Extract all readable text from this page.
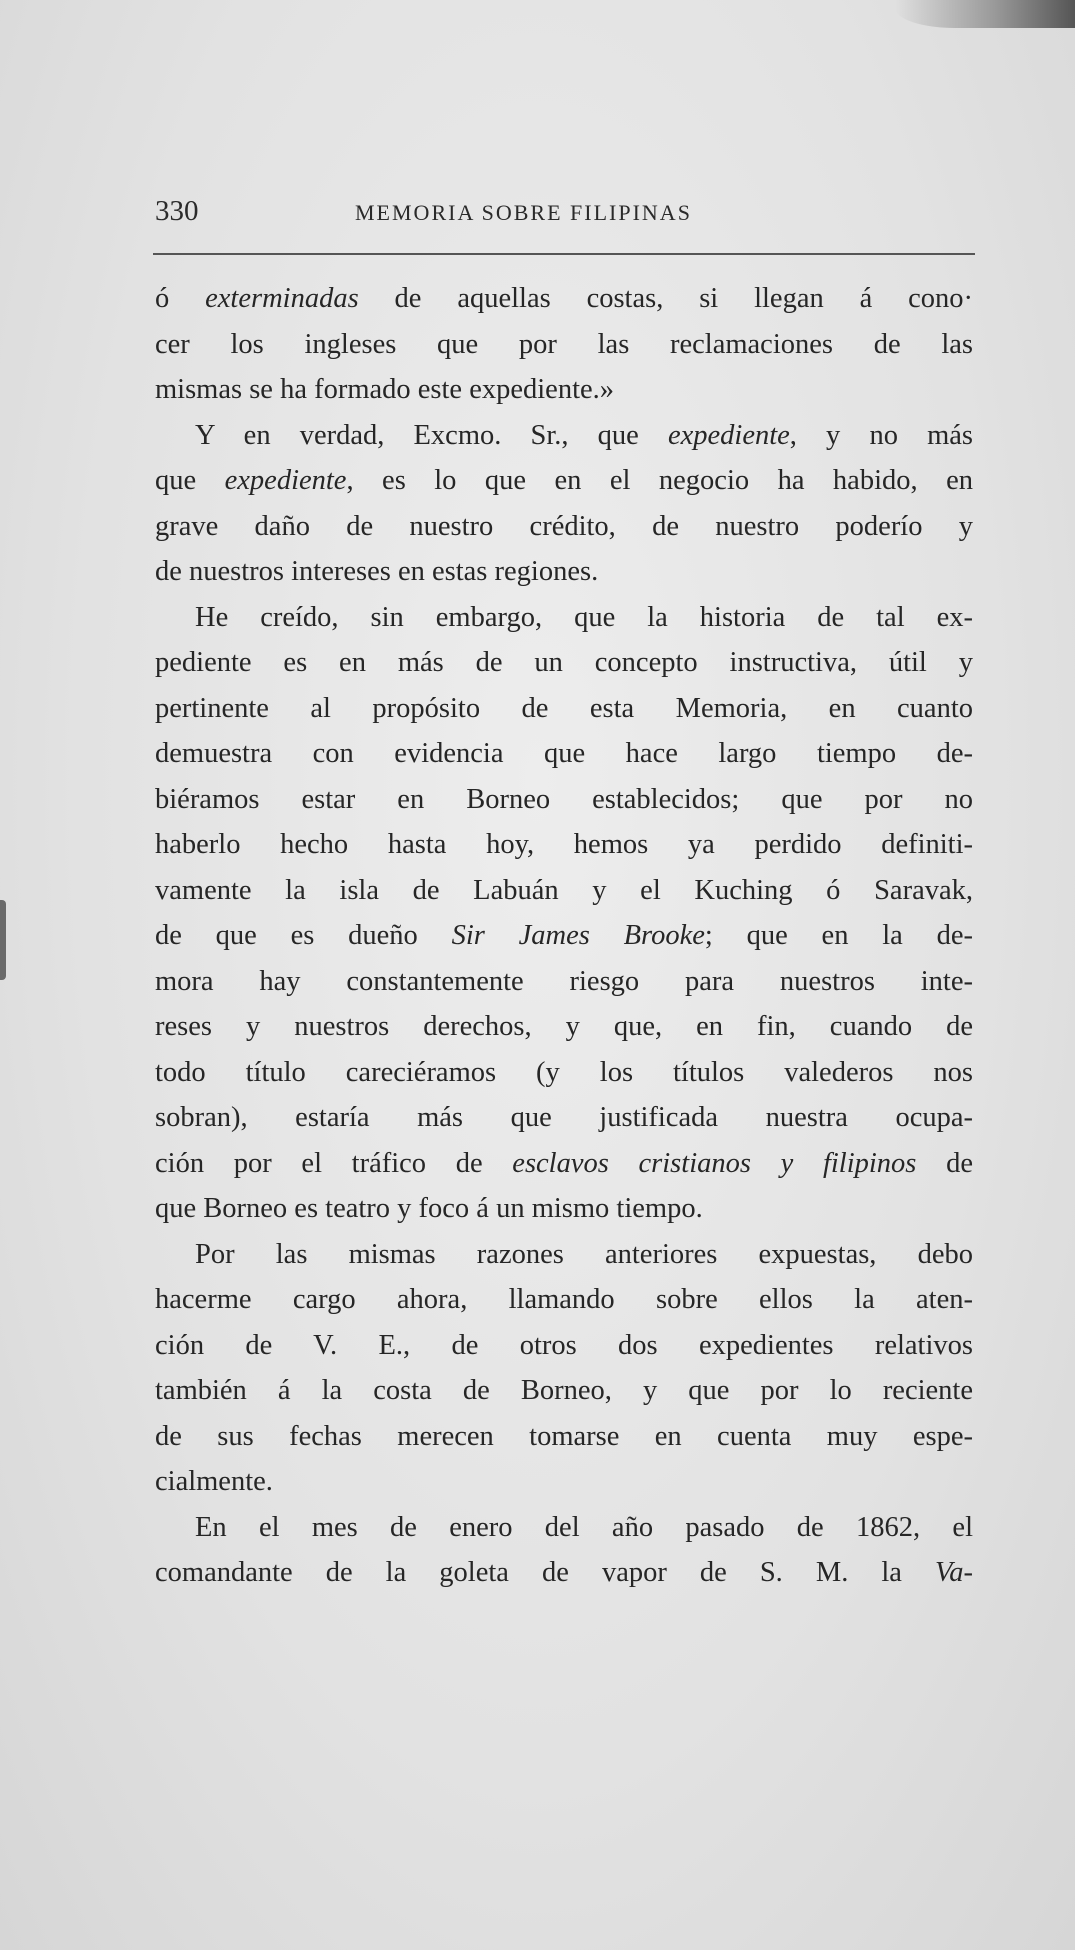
330	MEMORIA SOBRE FILIPINAS
ó exterminadas de aquellas costas, si llegan á cono·
cer los ingleses que por las reclamaciones de las
mismas se ha formado este expediente.»
Y en verdad, Excmo. Sr., que expediente, y no más
que expediente, es lo que en el negocio ha habido, en
grave daño de nuestro crédito, de nuestro poderío y
de nuestros intereses en estas regiones.
He creído, sin embargo, que la historia de tal ex-
pediente es en más de un concepto instructiva, útil y
pertinente al propósito de esta Memoria, en cuanto
demuestra con evidencia que hace largo tiempo de-
biéramos estar en Borneo establecidos; que por no
haberlo hecho hasta hoy, hemos ya perdido definiti-
vamente la isla de Labuán y el Kuching ó Saravak,
de que es dueño Sir James Brooke; que en la de-
mora hay constantemente riesgo para nuestros inte-
reses y nuestros derechos, y que, en fin, cuando de
todo título careciéramos (y los títulos valederos nos
sobran), estaría más que justificada nuestra ocupa-
ción por el tráfico de esclavos cristianos y filipinos de
que Borneo es teatro y foco á un mismo tiempo.
Por las mismas razones anteriores expuestas, debo
hacerme cargo ahora, llamando sobre ellos la aten-
ción de V. E., de otros dos expedientes relativos
también á la costa de Borneo, y que por lo reciente
de sus fechas merecen tomarse en cuenta muy espe-
cialmente.
En el mes de enero del año pasado de 1862, el
comandante de la goleta de vapor de S. M. la Va-
